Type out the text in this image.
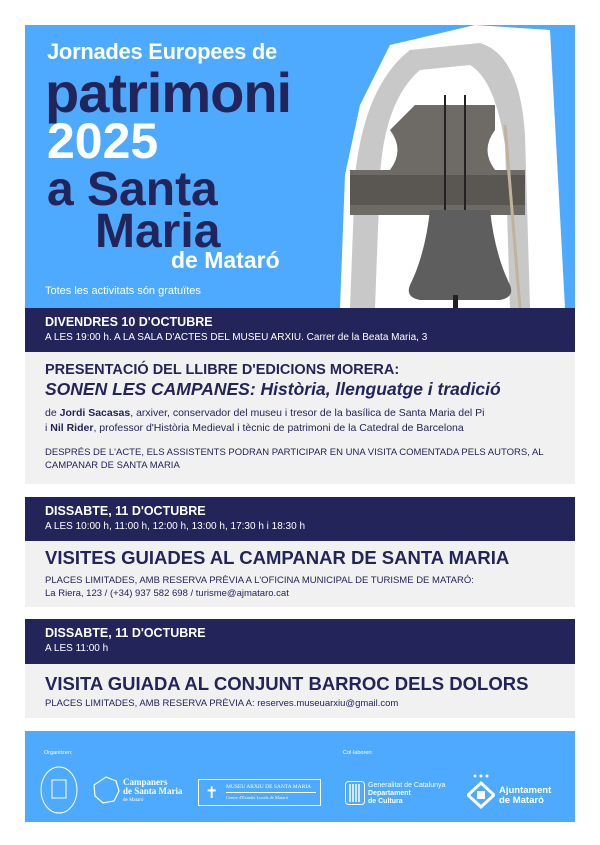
Jornades Europees de
patrimoni
2025
a Santa
Maria
de Mataró
Totes les activitats són gratuïtes
DIVENDRES 10 D'OCTUBRE
A LES 19:00 h. A LA SALA D'ACTES DEL MUSEU ARXIU. Carrer de la Beata Maria, 3
PRESENTACIÓ DEL LLIBRE D'EDICIONS MORERA:
SONEN LES CAMPANES: Història, llenguatge i tradició
de Jordi Sacasas, arxiver, conservador del museu i tresor de la basílica de Santa Maria del Pi
i Nil Rider, professor d'Història Medieval i tècnic de patrimoni de la Catedral de Barcelona
DESPRÉS DE L'ACTE, ELS ASSISTENTS PODRAN PARTICIPAR EN UNA VISITA COMENTADA PELS AUTORS, AL CAMPANAR DE SANTA MARIA
DISSABTE, 11 D'OCTUBRE
A LES 10:00 h, 11:00 h, 12:00 h, 13:00 h, 17:30 h i 18:30 h
VISITES GUIADES AL CAMPANAR DE SANTA MARIA
PLACES LIMITADES, AMB RESERVA PRÈVIA A L'OFICINA MUNICIPAL DE TURISME DE MATARÓ:
La Riera, 123 / (+34) 937 582 698 / turisme@ajmataro.cat
DISSABTE, 11 D'OCTUBRE
A LES 11:00 h
VISITA GUIADA AL CONJUNT BARROC DELS DOLORS
PLACES LIMITADES, AMB RESERVA PRÈVIA A: reserves.museuarxiu@gmail.com
Organitzen:	Col·laboren:
Campaners
de Santa Maria
de Mataró	✝ MUSEU ARXIU DE SANTA MARIA
Centre d'Estudis Locals de Mataró
Generalitat de Catalunya
Departament
de Cultura
Ajuntament
de Mataró
